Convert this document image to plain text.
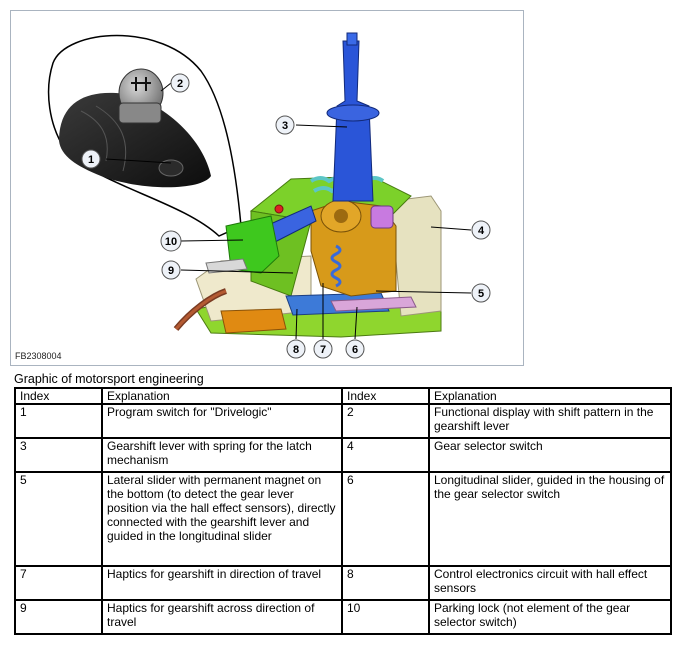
1
2
3
4
5
6
7
8
9
10
FB2308004
Graphic of motorsport engineering
Index	Explanation	Index	Explanation
1	Program switch for "Drivelogic"	2	Functional display with shift pattern in the gearshift lever
3	Gearshift lever with spring for the latch mechanism	4	Gear selector switch
5	Lateral slider with permanent magnet on the bottom (to detect the gear lever position via the hall effect sensors), directly connected with the gearshift lever and guided in the longitudinal slider	6	Longitudinal slider, guided in the housing of the gear selector switch
7	Haptics for gearshift in direction of travel	8	Control electronics circuit with hall effect sensors
9	Haptics for gearshift across direction of travel	10	Parking lock (not element of the gear selector switch)
